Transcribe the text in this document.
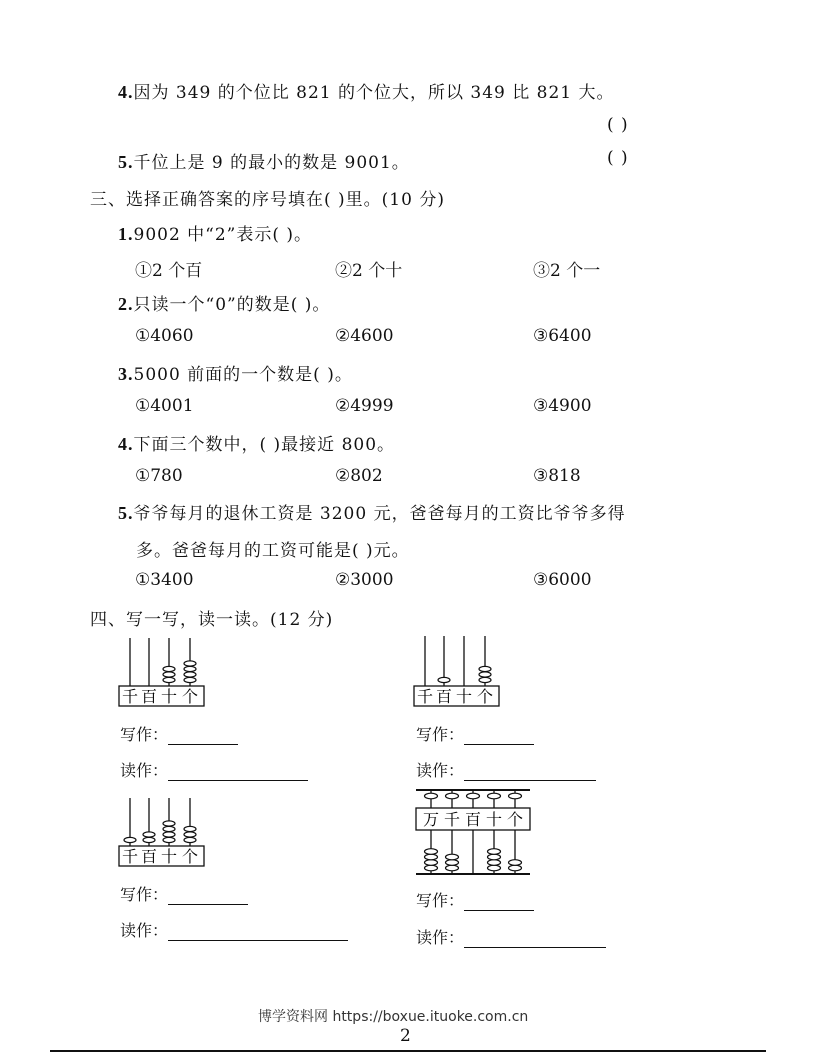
4.因为 349 的个位比 821 的个位大，所以 349 比 821 大。
( )
5.千位上是 9 的最小的数是 9001。	( )
三、选择正确答案的序号填在( )里。(10 分)
1.9002 中“2”表示( )。
①2 个百	②2 个十	③2 个一
2.只读一个“0”的数是( )。
①4060	②4600	③6400
3.5000 前面的一个数是( )。
①4001	②4999	③4900
4.下面三个数中，( )最接近 800。
①780	②802	③818
5.爷爷每月的退休工资是 3200 元，爸爸每月的工资比爷爷多得
多。爸爸每月的工资可能是( )元。
①3400	②3000	③6000
四、写一写，读一读。(12 分)
千 百 十 个
写作：
读作：
千 百 十 个
写作：
读作：
千 百 十 个
写作：
读作：
万 千 百 十 个
写作：
读作：
博学资料网 https://boxue.ituoke.com.cn
2
